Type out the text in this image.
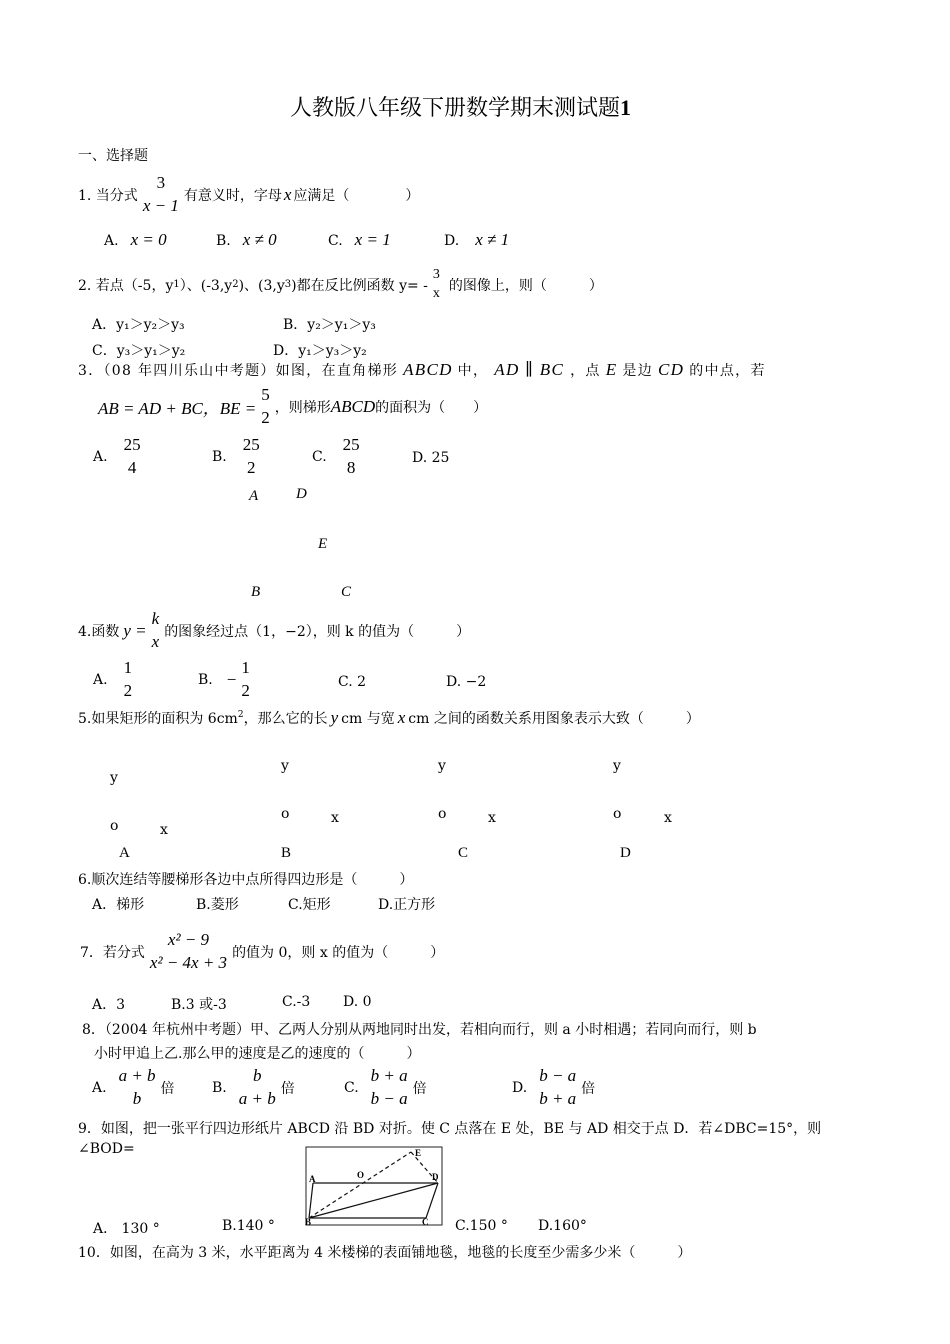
人教版八年级下册数学期末测试题1
一、选择题
1. 当分式
3
x − 1
有意义时，字母 x 应满足（　　　　）
A. x = 0	B. x ≠ 0	C. x = 1	D. x ≠ 1
2. 若点（-5，y 1 ）、(-3,y 2 )、(3,y 3 )都在反比例函数 y= -
3
x 的图像上，则（　　　）
A．y₁＞y₂＞y₃	B．y₂＞y₁＞y₃
C．y₃＞y₁＞y₂	D．y₁＞y₃＞y₂
3．（08 年四川乐山中考题）如图，在直角梯形 ABCD 中， AD ∥ BC ，点 E 是边 CD 的中点，若
AB = AD + BC，BE =
5
2
，则梯形 ABCD 的面积为（　　）
A.
25
4
B.
25
2
C.
25
8	D. 25
A	D
E
B	C
4.函数 y =
k
x
的图象经过点（1，−2），则 k 的值为（　　　）
A.
1
2
B. −
1
2	C. 2	D. −2
5.如果矩形的面积为 $6cm^2$，那么它的长 y cm 与宽 x cm 之间的函数关系用图象表示大致（　　　）
y
o	x
A
y
o	x
B
y
o	x
C
y
o	x
D
6.顺次连结等腰梯形各边中点所得四边形是（　　　）
A．梯形	B.菱形	C.矩形	D.正方形
7．若分式
x² − 9
x² − 4x + 3
的值为 0，则 x 的值为（　　　）
A．3	B.3 或-3	C.-3 D. 0
8．（2004 年杭州中考题）甲、乙两人分别从两地同时出发，若相向而行，则 a 小时相遇；若同向而行，则 b
小时甲追上乙.那么甲的速度是乙的速度的（　　　）
A.
a + b
b
倍	B.
b
a + b
倍	C.
b + a
b − a
倍	D.
b − a
b + a
倍
9．如图，把一张平行四边形纸片 ABCD 沿 BD 对折。使 C 点落在 E 处，BE 与 AD 相交于点 D．若∠DBC=15°，则
∠BOD=
A	O
E
D
B	C
A． 130 °	B.140 °	C.150 ° D.160°
10．如图，在高为 3 米，水平距离为 4 米楼梯的表面铺地毯，地毯的长度至少需多少米（　　　）
